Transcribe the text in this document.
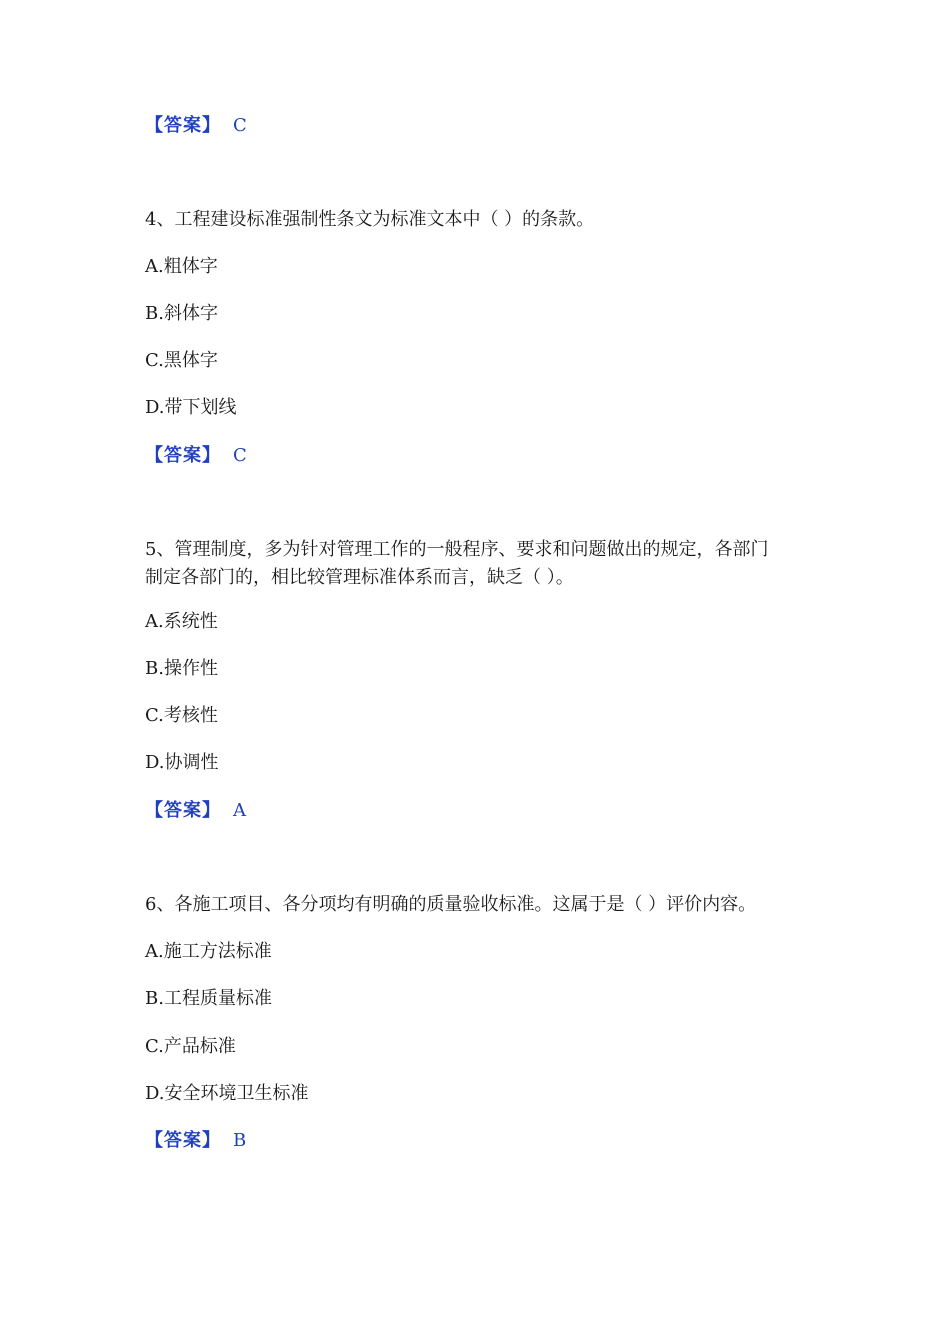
【答案】 C
4、工程建设标准强制性条文为标准文本中（ ）的条款。
A.粗体字
B.斜体字
C.黑体字
D.带下划线
【答案】 C
5、管理制度，多为针对管理工作的一般程序、要求和问题做出的规定，各部门
制定各部门的，相比较管理标准体系而言，缺乏（ ）。
A.系统性
B.操作性
C.考核性
D.协调性
【答案】 A
6、各施工项目、各分项均有明确的质量验收标准。这属于是（ ）评价内容。
A.施工方法标准
B.工程质量标准
C.产品标准
D.安全环境卫生标准
【答案】 B
